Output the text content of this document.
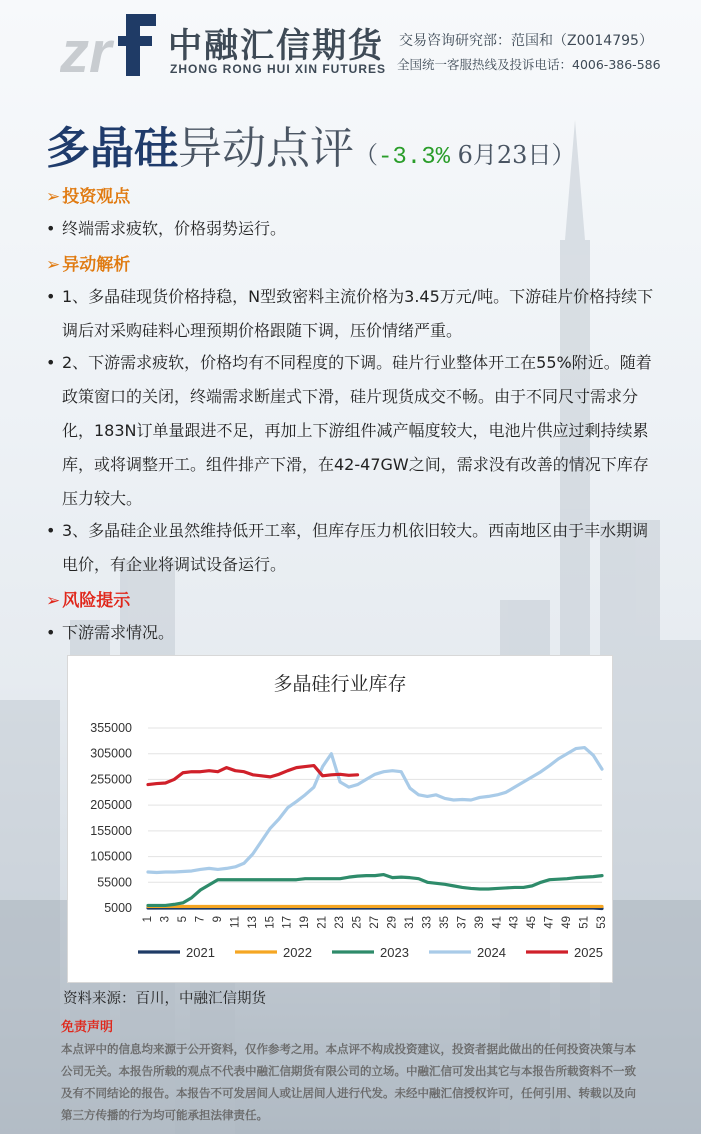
zr 中融汇信期货
ZHONG RONG HUI XIN FUTURES
交易咨询研究部：范国和（Z0014795）
全国统一客服热线及投诉电话：4006-386-586
多晶硅异动点评（-3.3% 6月23日）
➢ 投资观点
• 终端需求疲软，价格弱势运行。
➢ 异动解析
• 1、多晶硅现货价格持稳，N型致密料主流价格为3.45万元/吨。下游硅片价格持续下调后对采购硅料心理预期价格跟随下调，压价情绪严重。
• 2、下游需求疲软，价格均有不同程度的下调。硅片行业整体开工在55%附近。随着政策窗口的关闭，终端需求断崖式下滑，硅片现货成交不畅。由于不同尺寸需求分化，183N订单量跟进不足，再加上下游组件减产幅度较大，电池片供应过剩持续累库，或将调整开工。组件排产下滑，在42-47GW之间，需求没有改善的情况下库存压力较大。
• 3、多晶硅企业虽然维持低开工率，但库存压力机依旧较大。西南地区由于丰水期调电价，有企业将调试设备运行。
➢ 风险提示
• 下游需求情况。
多晶硅行业库存
5000
55000
105000
155000
205000
255000
305000
355000
1 3 5 7 9 11 13 15 17 19 21 23 25 27 29 31 33 35 37 39 41 43 45 47 49 51 53
2021	2022	2023	2024	2025
资料来源：百川，中融汇信期货
免责声明
本点评中的信息均来源于公开资料，仅作参考之用。本点评不构成投资建议，投资者据此做出的任何投资决策与本公司无关。本报告所载的观点不代表中融汇信期货有限公司的立场。中融汇信可发出其它与本报告所载资料不一致及有不同结论的报告。本报告不可发居间人或让居间人进行代发。未经中融汇信授权许可，任何引用、转载以及向第三方传播的行为均可能承担法律责任。
